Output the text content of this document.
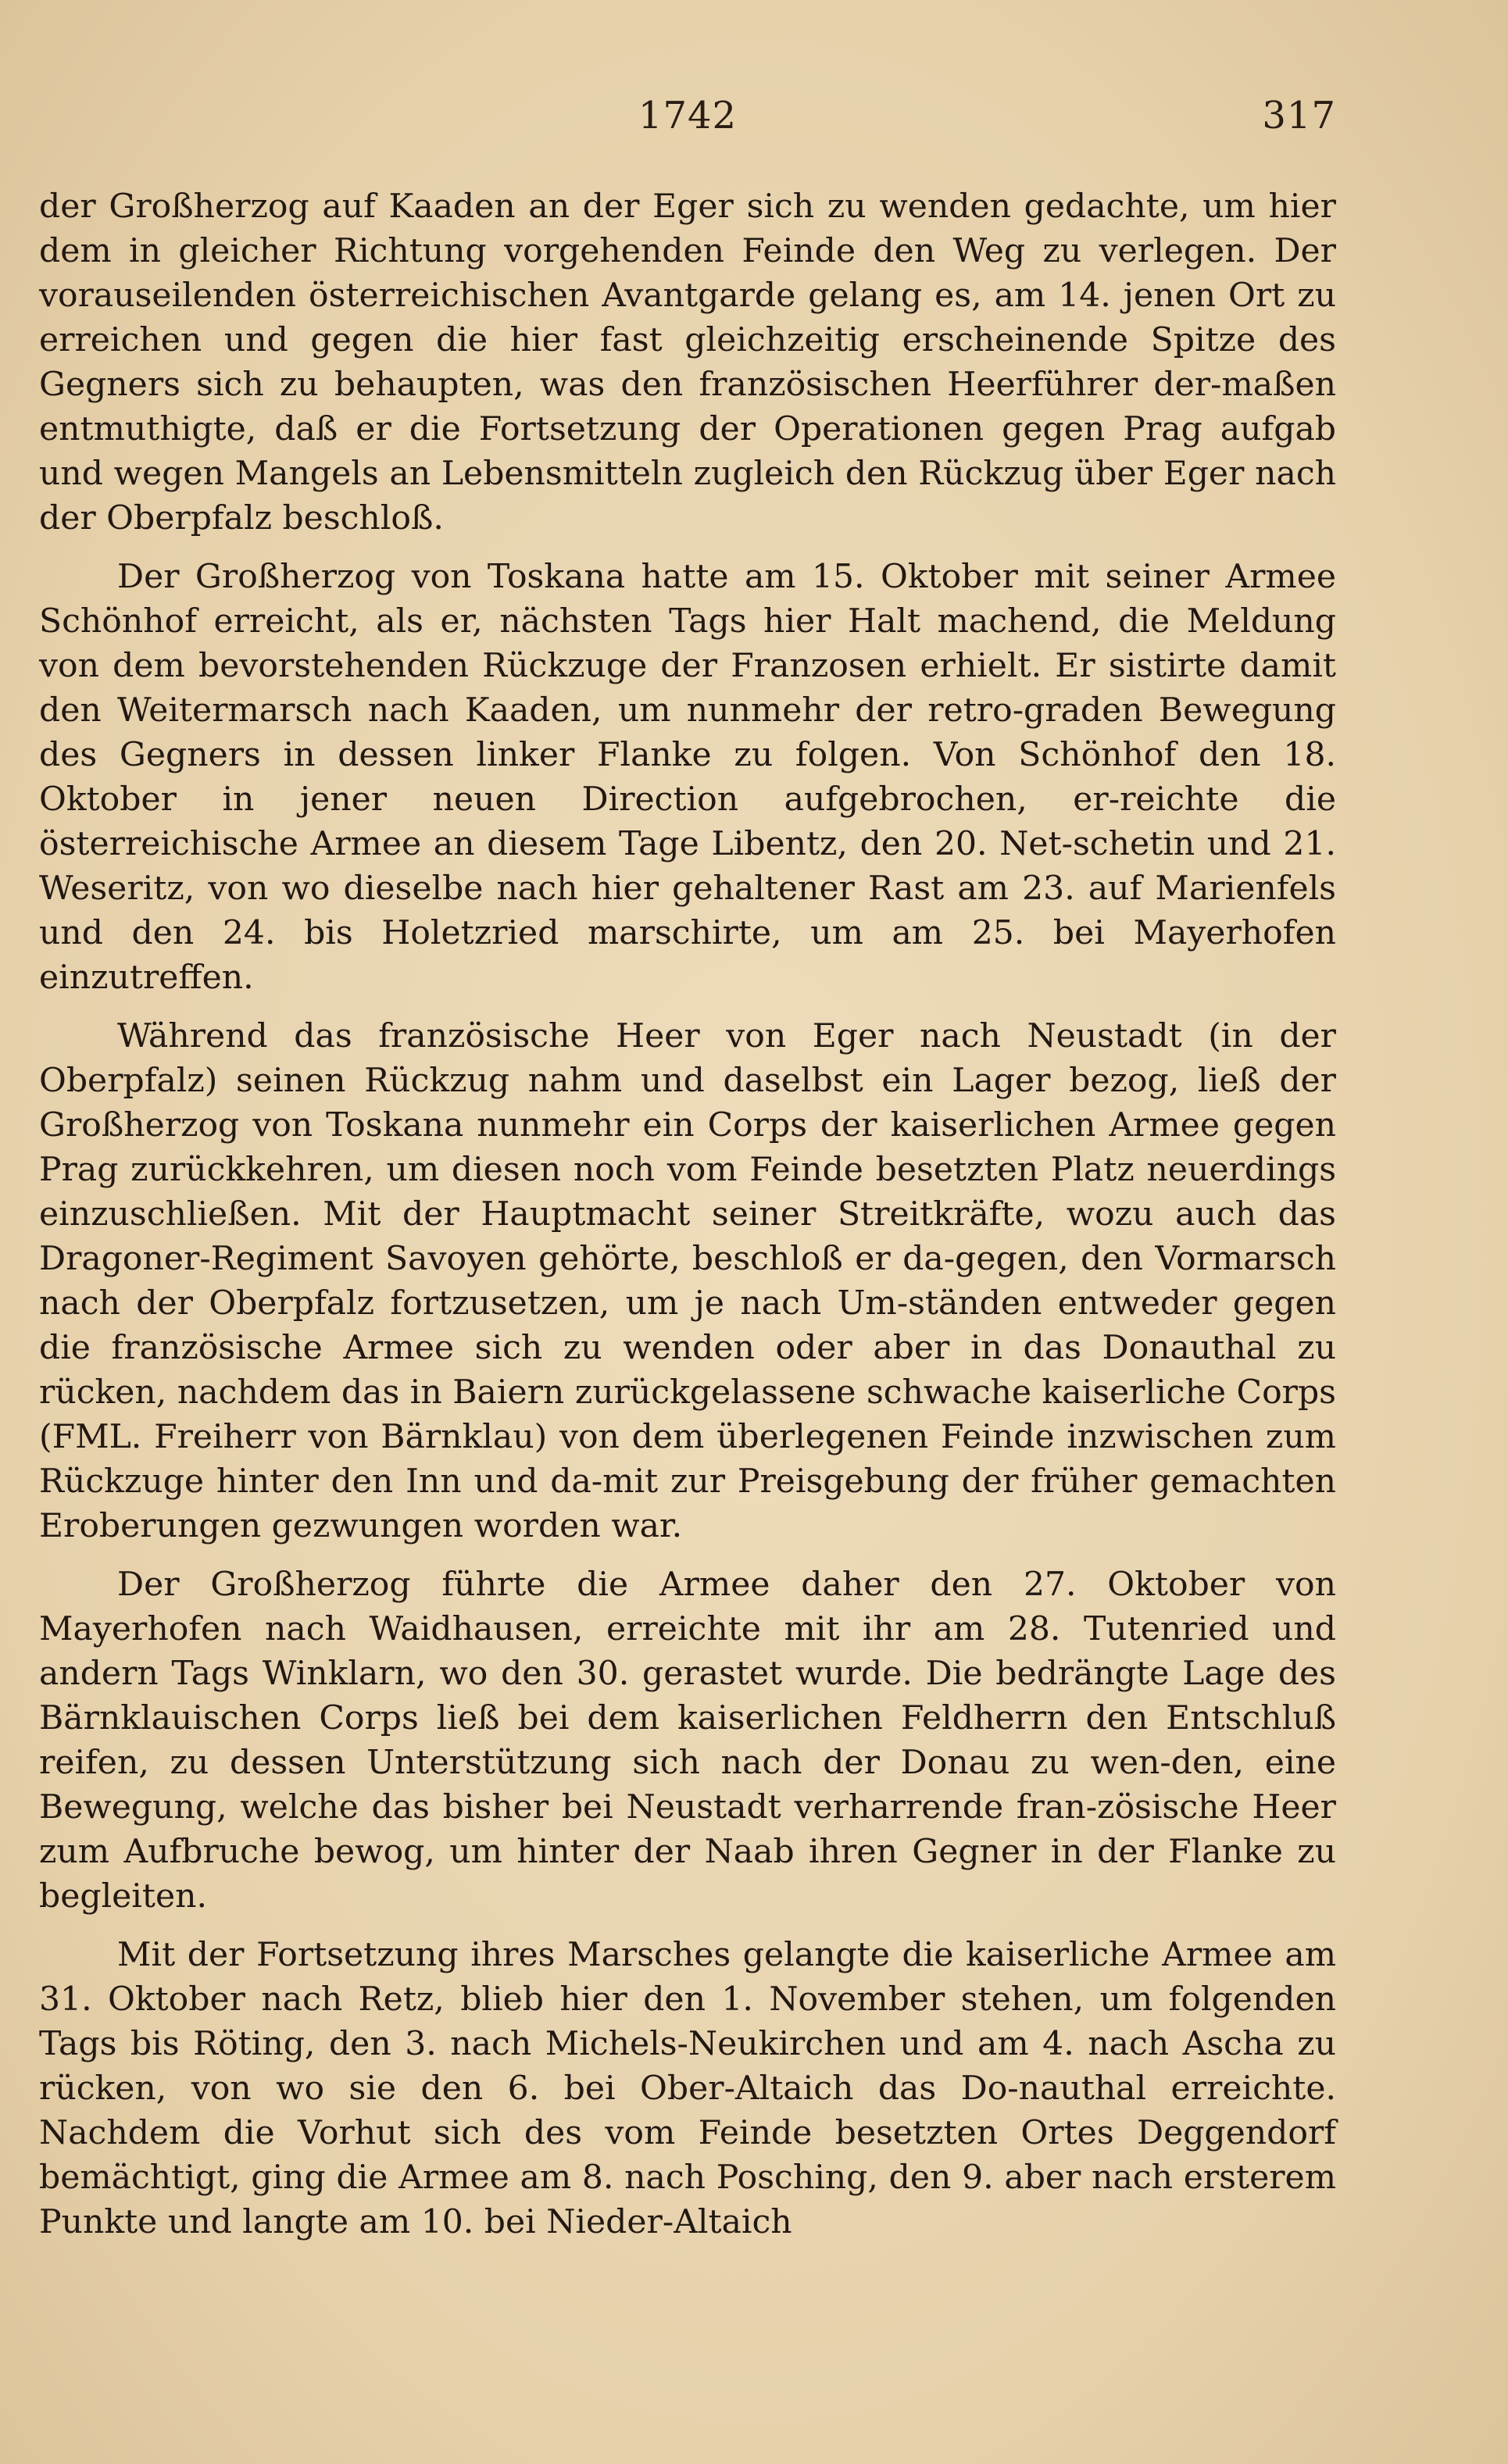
1742	317

der Großherzog auf Kaaden an der Eger sich zu wenden gedachte, um hier dem in gleicher Richtung vorgehenden Feinde den Weg zu verlegen. Der vorauseilenden österreichischen Avantgarde gelang es, am 14. jenen Ort zu erreichen und gegen die hier fast gleichzeitig erscheinende Spitze des Gegners sich zu behaupten, was den französischen Heerführer der-maßen entmuthigte, daß er die Fortsetzung der Operationen gegen Prag aufgab und wegen Mangels an Lebensmitteln zugleich den Rückzug über Eger nach der Oberpfalz beschloß.

Der Großherzog von Toskana hatte am 15. Oktober mit seiner Armee Schönhof erreicht, als er, nächsten Tags hier Halt machend, die Meldung von dem bevorstehenden Rückzuge der Franzosen erhielt. Er sistirte damit den Weitermarsch nach Kaaden, um nunmehr der retro-graden Bewegung des Gegners in dessen linker Flanke zu folgen. Von Schönhof den 18. Oktober in jener neuen Direction aufgebrochen, er-reichte die österreichische Armee an diesem Tage Libentz, den 20. Net-schetin und 21. Weseritz, von wo dieselbe nach hier gehaltener Rast am 23. auf Marienfels und den 24. bis Holetzried marschirte, um am 25. bei Mayerhofen einzutreffen.

Während das französische Heer von Eger nach Neustadt (in der Oberpfalz) seinen Rückzug nahm und daselbst ein Lager bezog, ließ der Großherzog von Toskana nunmehr ein Corps der kaiserlichen Armee gegen Prag zurückkehren, um diesen noch vom Feinde besetzten Platz neuerdings einzuschließen. Mit der Hauptmacht seiner Streitkräfte, wozu auch das Dragoner-Regiment Savoyen gehörte, beschloß er da-gegen, den Vormarsch nach der Oberpfalz fortzusetzen, um je nach Um-ständen entweder gegen die französische Armee sich zu wenden oder aber in das Donauthal zu rücken, nachdem das in Baiern zurückgelassene schwache kaiserliche Corps (FML. Freiherr von Bärnklau) von dem überlegenen Feinde inzwischen zum Rückzuge hinter den Inn und da-mit zur Preisgebung der früher gemachten Eroberungen gezwungen worden war.

Der Großherzog führte die Armee daher den 27. Oktober von Mayerhofen nach Waidhausen, erreichte mit ihr am 28. Tutenried und andern Tags Winklarn, wo den 30. gerastet wurde. Die bedrängte Lage des Bärnklauischen Corps ließ bei dem kaiserlichen Feldherrn den Entschluß reifen, zu dessen Unterstützung sich nach der Donau zu wen-den, eine Bewegung, welche das bisher bei Neustadt verharrende fran-zösische Heer zum Aufbruche bewog, um hinter der Naab ihren Gegner in der Flanke zu begleiten.

Mit der Fortsetzung ihres Marsches gelangte die kaiserliche Armee am 31. Oktober nach Retz, blieb hier den 1. November stehen, um folgenden Tags bis Röting, den 3. nach Michels-Neukirchen und am 4. nach Ascha zu rücken, von wo sie den 6. bei Ober-Altaich das Do-nauthal erreichte. Nachdem die Vorhut sich des vom Feinde besetzten Ortes Deggendorf bemächtigt, ging die Armee am 8. nach Posching, den 9. aber nach ersterem Punkte und langte am 10. bei Nieder-Altaich
